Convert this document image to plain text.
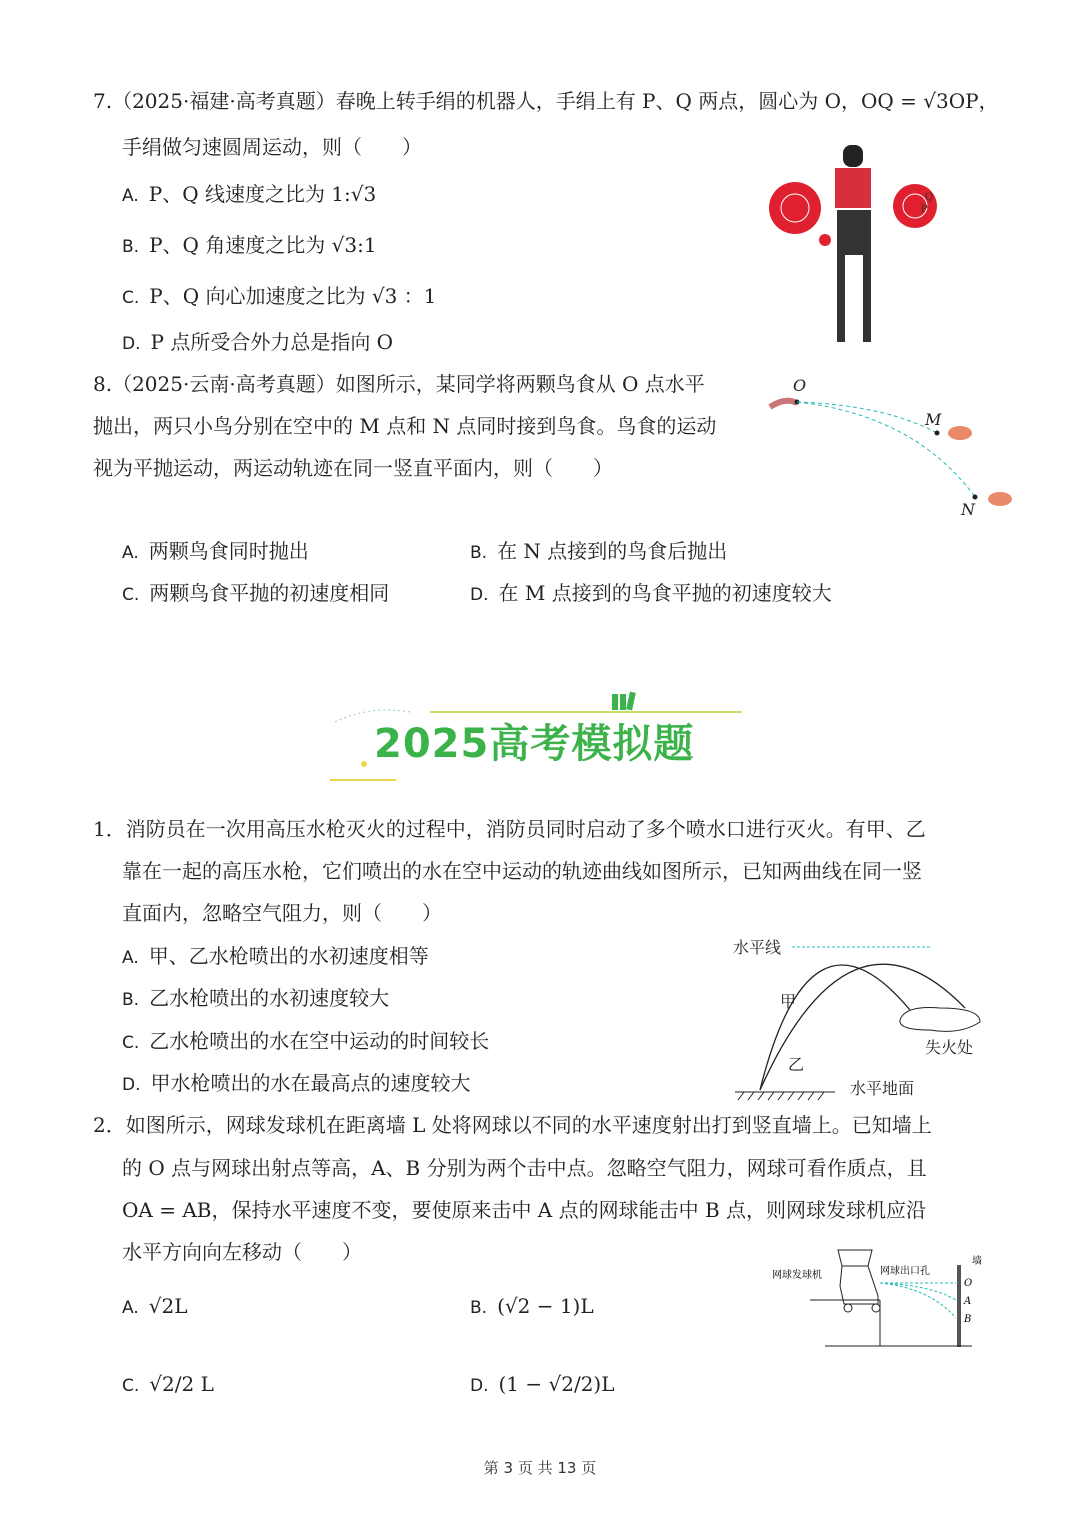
7.（2025·福建·高考真题）春晚上转手绢的机器人，手绢上有 P、Q 两点，圆心为 O，OQ = √3OP，
手绢做匀速圆周运动，则（　　）
A. P、Q 线速度之比为 1:√3
B. P、Q 角速度之比为 √3:1
C. P、Q 向心加速度之比为 √3 ：1
D. P 点所受合外力总是指向 O
Q
P
8.（2025·云南·高考真题）如图所示，某同学将两颗鸟食从 O 点水平
抛出，两只小鸟分别在空中的 M 点和 N 点同时接到鸟食。鸟食的运动
视为平抛运动，两运动轨迹在同一竖直平面内，则（　　）
O
M
N
A. 两颗鸟食同时抛出	B. 在 N 点接到的鸟食后抛出
C. 两颗鸟食平抛的初速度相同	D. 在 M 点接到的鸟食平抛的初速度较大
2025高考模拟题
1．消防员在一次用高压水枪灭火的过程中，消防员同时启动了多个喷水口进行灭火。有甲、乙
靠在一起的高压水枪，它们喷出的水在空中运动的轨迹曲线如图所示，已知两曲线在同一竖
直面内，忽略空气阻力，则（　　）
A. 甲、乙水枪喷出的水初速度相等
B. 乙水枪喷出的水初速度较大
C. 乙水枪喷出的水在空中运动的时间较长
D. 甲水枪喷出的水在最高点的速度较大
水平线
甲
乙
失火处
水平地面
2．如图所示，网球发球机在距离墙 L 处将网球以不同的水平速度射出打到竖直墙上。已知墙上
的 O 点与网球出射点等高，A、B 分别为两个击中点。忽略空气阻力，网球可看作质点，且
OA = AB，保持水平速度不变，要使原来击中 A 点的网球能击中 B 点，则网球发球机应沿
水平方向向左移动（　　）
A. √2L	B. (√2 − 1)L
C. √2/2 L	D. (1 − √2/2)L
网球发球机	网球出口孔
墙
O
A
B
第 3 页 共 13 页
